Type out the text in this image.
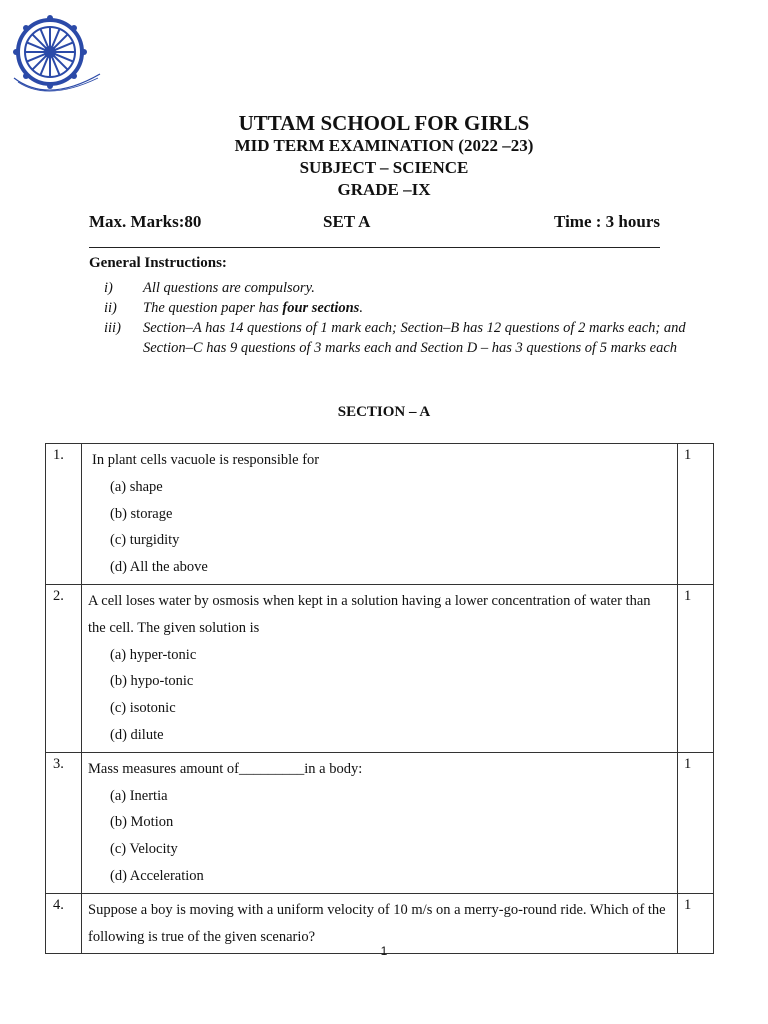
UTTAM SCHOOL FOR GIRLS
MID TERM EXAMINATION (2022 –23)
SUBJECT – SCIENCE
GRADE –IX
Max. Marks:80	SET A	Time : 3 hours
General Instructions:
i) All questions are compulsory.
ii) The question paper has four sections.
iii) Section–A has 14 questions of 1 mark each; Section–B has 12 questions of 2 marks each; and Section–C has 9 questions of 3 marks each and Section D – has 3 questions of 5 marks each
SECTION – A
1.	In plant cells vacuole is responsible for
(a) shape
(b) storage
(c) turgidity
(d) All the above	1

2.	A cell loses water by osmosis when kept in a solution having a lower concentration of water than the cell. The given solution is
(a) hyper-tonic
(b) hypo-tonic
(c) isotonic
(d) dilute	1

3.	Mass measures amount of_________in a body:
(a) Inertia
(b) Motion
(c) Velocity
(d) Acceleration	1

4.	Suppose a boy is moving with a uniform velocity of 10 m/s on a merry-go-round ride. Which of the following is true of the given scenario?	1
1
